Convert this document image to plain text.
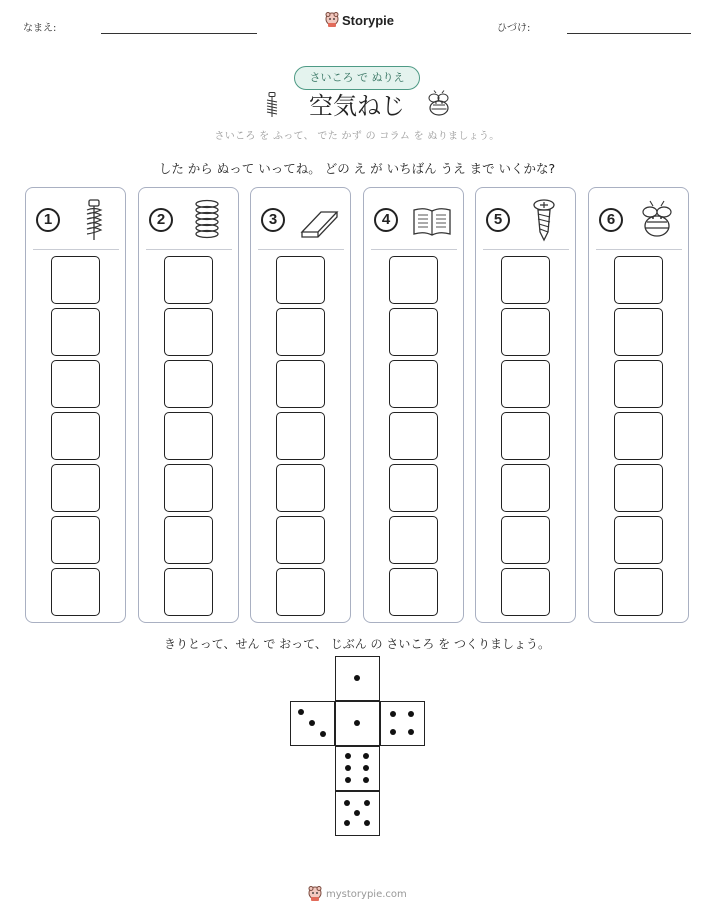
なまえ:	ひづけ:
Storypie
さいころ で ぬりえ
空気ねじ
さいころ を ふって、 でた かず の コラム を ぬりましょう。
した から ぬって いってね。 どの え が いちばん うえ まで いくかな?
1	2	3	4	5	6
きりとって、せん で おって、 じぶん の さいころ を つくりましょう。
mystorypie.com
